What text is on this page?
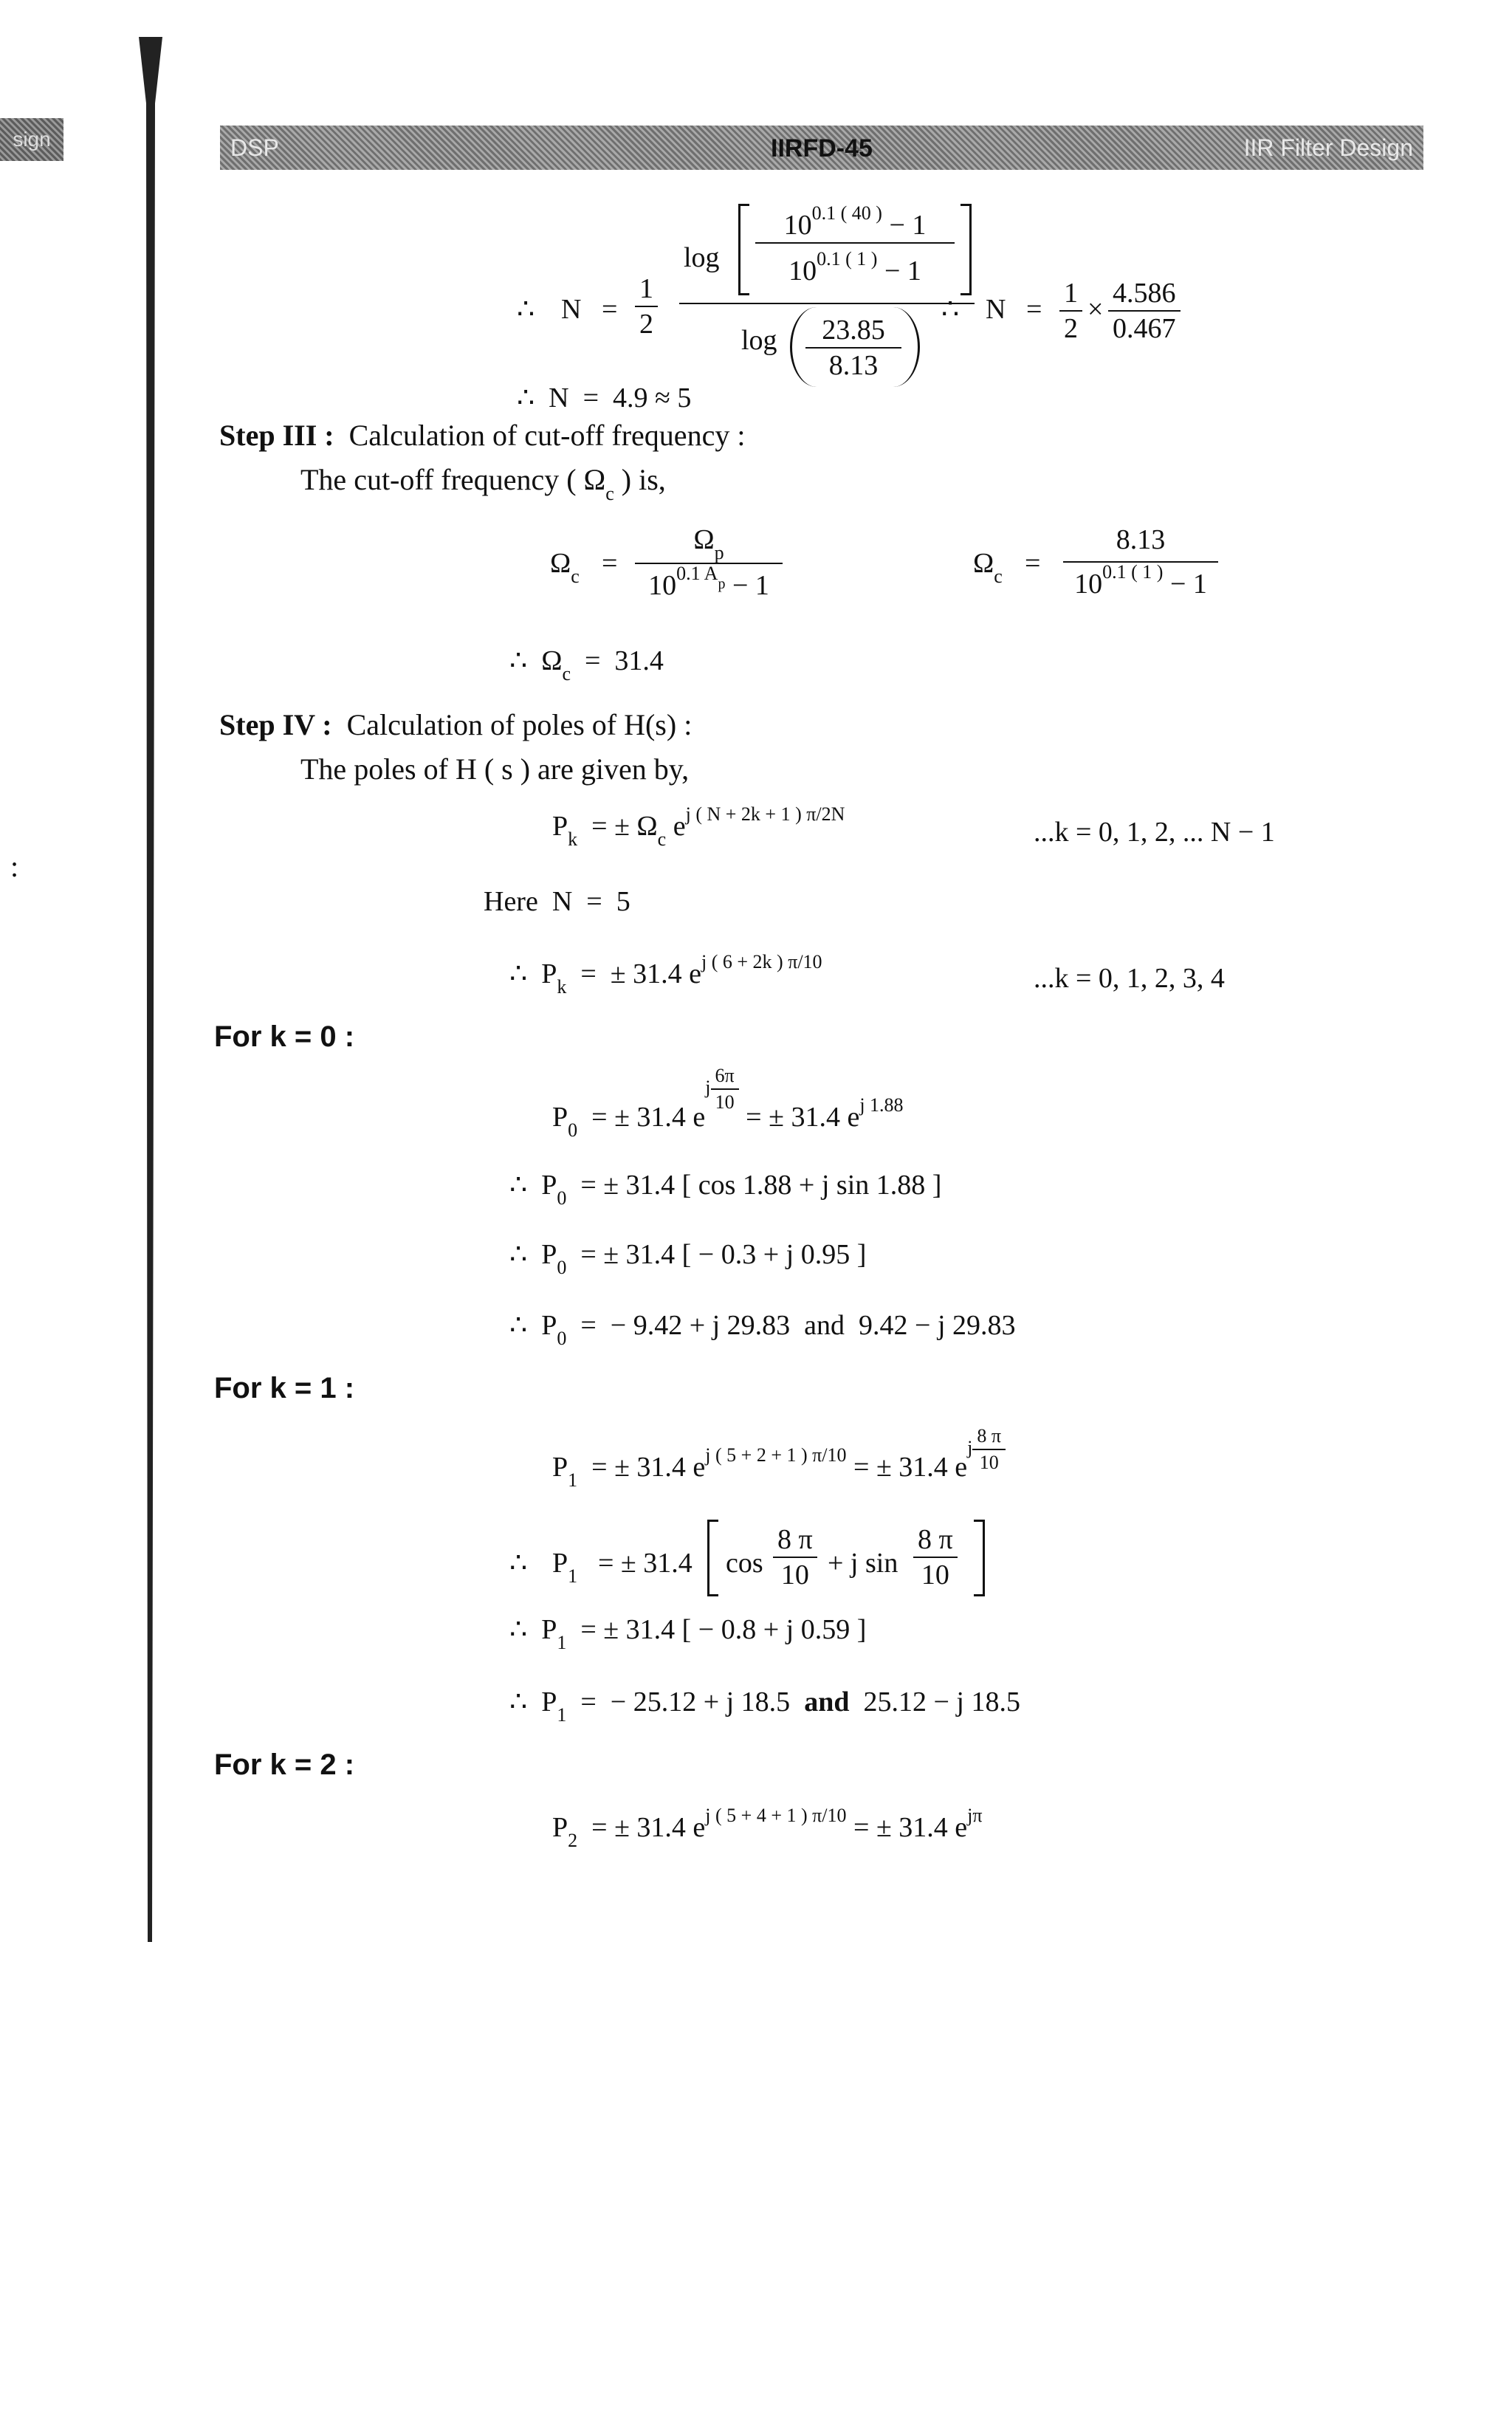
sign
:
DSP	IIRFD-45	IIR Filter Design
∴ $N = \frac{1}{2}$
log
$10^{0.1 ( 40 )} - 1$
$10^{0.1 ( 1 )} - 1$
log	23.85
8.13
∴ $N = \frac{1}{2} \times \frac{4.586}{0.467}$
∴  N  =  4.9 ≈ 5
Step III : Calculation of cut-off frequency :
The cut-off frequency ( $\Omega_c$ ) is,
$\Omega_c$ =
$\Omega_p$
$10^{0.1 A_p} - 1$
$\Omega_c$ =
8.13
$10^{0.1 ( 1 )} - 1$
∴ $\Omega_c = 31.4$
Step IV : Calculation of poles of H(s) :
The poles of H ( s ) are given by,
$P_k$ = ± $\Omega_c$ $e^{j ( N + 2k + 1 ) \pi/2N}$
...k = 0, 1, 2, ... N − 1
Here  N  =  5
∴ $P_k$ =  ± 31.4 $e^{j ( 6 + 2k ) \pi/10}$
...k = 0, 1, 2, 3, 4
For k = 0 :
$P_0$ = ± 31.4 ej $\frac{6\pi}{10}$
= ± 31.4 $e^{j 1.88}$
∴ $P_0$ = ± 31.4 [ cos 1.88 + j sin 1.88 ]
∴ $P_0$ = ± 31.4 [ − 0.3 + j 0.95 ]
∴ $P_0$ =  − 9.42 + j 29.83  and  9.42 − j 29.83
For k = 1 :
$P_1$ = ± 31.4 $e^{j ( 5 + 2 + 1 ) \pi/10}$ = ± 31.4 ej $\frac{8 \pi}{10}$
∴ $P_1$ = ± 31.4 $\cos \frac{8 \pi}{10} + j$ $\sin \frac{8 \pi}{10}$
∴ $P_1$ = ± 31.4 [ − 0.8 + j 0.59 ]
∴ $P_1$ =  − 25.12 + j 18.5 and 25.12 − j 18.5
For k = 2 :
$P_2$ = ± 31.4 $e^{j ( 5 + 4 + 1 ) \pi/10}$ = ± 31.4 $e^{j\pi}$
